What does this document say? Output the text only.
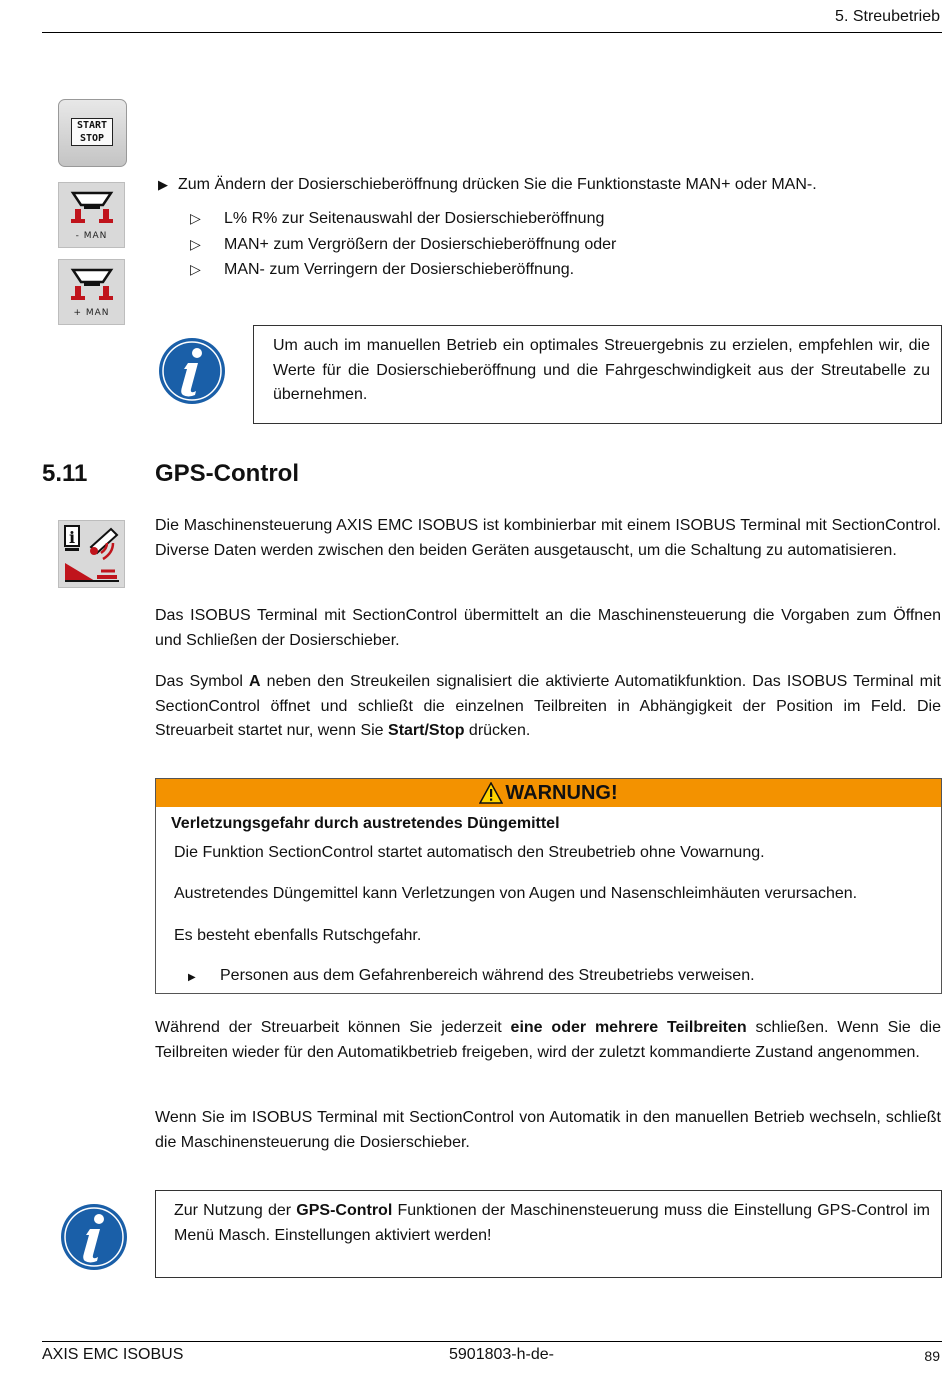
5. Streubetrieb
START
STOP
- MAN
+ MAN
▶ Zum Ändern der Dosierschieberöffnung drücken Sie die Funktionstaste MAN+ oder MAN-.
▷ L% R% zur Seitenauswahl der Dosierschieberöffnung
▷ MAN+ zum Vergrößern der Dosierschieberöffnung oder
▷ MAN- zum Verringern der Dosierschieberöffnung.
Um auch im manuellen Betrieb ein optimales Streuergebnis zu erzielen, empfehlen wir, die Werte für die Dosierschieberöffnung und die Fahrgeschwindigkeit aus der Streutabelle zu übernehmen.
5.11	GPS-Control
i
Die Maschinensteuerung AXIS EMC ISOBUS ist kombinierbar mit einem ISOBUS Terminal mit SectionControl. Diverse Daten werden zwischen den beiden Geräten ausgetauscht, um die Schaltung zu automatisieren.
Das ISOBUS Terminal mit SectionControl übermittelt an die Maschinensteuerung die Vorgaben zum Öffnen und Schließen der Dosierschieber.
Das Symbol A neben den Streukeilen signalisiert die aktivierte Automatikfunktion. Das ISOBUS Terminal mit SectionControl öffnet und schließt die einzelnen Teilbreiten in Abhängigkeit der Position im Feld. Die Streuarbeit startet nur, wenn Sie Start/Stop drücken.
WARNUNG!
Verletzungsgefahr durch austretendes Düngemittel
Die Funktion SectionControl startet automatisch den Streubetrieb ohne Vowarnung.
Austretendes Düngemittel kann Verletzungen von Augen und Nasenschleimhäuten verursachen.
Es besteht ebenfalls Rutschgefahr.
▶ Personen aus dem Gefahrenbereich während des Streubetriebs verweisen.
Während der Streuarbeit können Sie jederzeit eine oder mehrere Teilbreiten schließen. Wenn Sie die Teilbreiten wieder für den Automatikbetrieb freigeben, wird der zuletzt kommandierte Zustand angenommen.
Wenn Sie im ISOBUS Terminal mit SectionControl von Automatik in den manuellen Betrieb wechseln, schließt die Maschinensteuerung die Dosierschieber.
Zur Nutzung der GPS-Control Funktionen der Maschinensteuerung muss die Einstellung GPS-Control im Menü Masch. Einstellungen aktiviert werden!
AXIS EMC ISOBUS	5901803-h-de-	89
